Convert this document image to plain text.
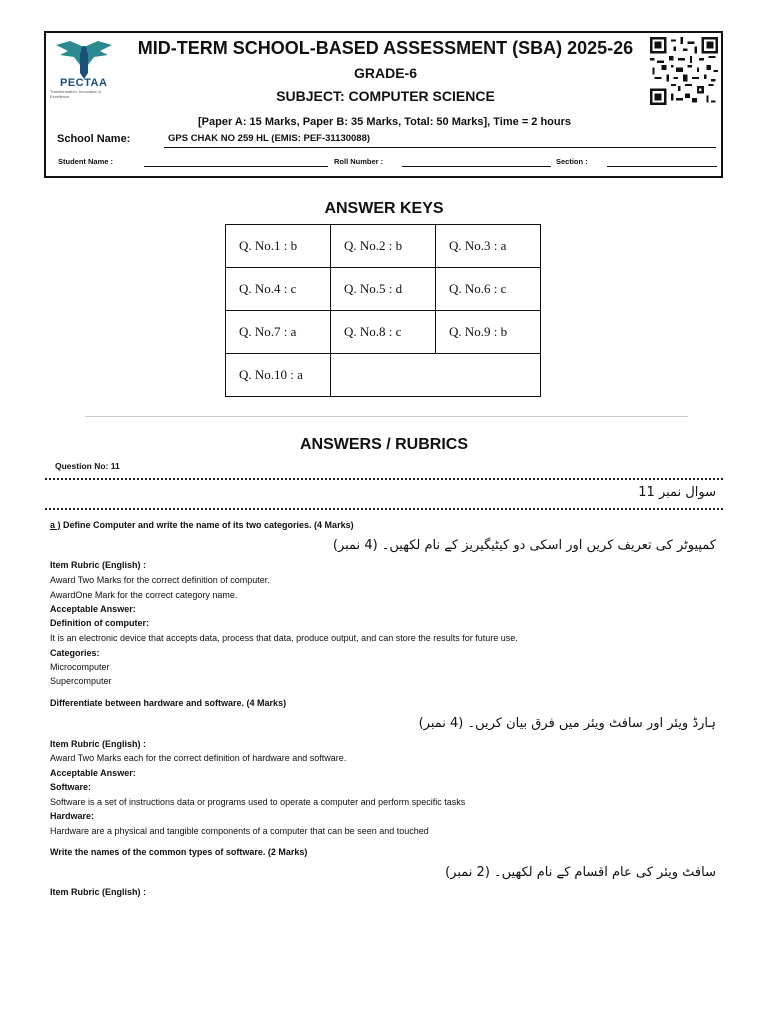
PECTAA
Transformation, Innovation & Excellence
MID-TERM SCHOOL-BASED ASSESSMENT (SBA) 2025-26
GRADE-6
SUBJECT: COMPUTER SCIENCE
[Paper A: 15 Marks, Paper B: 35 Marks, Total: 50 Marks], Time = 2 hours
School Name:	GPS CHAK NO 259 HL (EMIS: PEF-31130088)
Student Name :	Roll Number :	Section :
ANSWER KEYS
Q. No.1 : b	Q. No.2 : b	Q. No.3 : a
Q. No.4 : c	Q. No.5 : d	Q. No.6 : c
Q. No.7 : a	Q. No.8 : c	Q. No.9 : b
Q. No.10 : a		
ANSWERS / RUBRICS
Question No: 11
سوال نمبر 11
a ) Define Computer and write the name of its two categories. (4 Marks)
کمپیوٹر کی تعریف کریں اور اسکی دو کیٹیگیریز کے نام لکھیں۔ (4 نمبر)
Item Rubric (English) :
Award Two Marks for the correct definition of computer.
AwardOne Mark for the correct category name.
Acceptable Answer:
Definition of computer:
It is an electronic device that accepts data, process that data, produce output, and can store the results for future use.
Categories:
Microcomputer
Supercomputer
Differentiate between hardware and software. (4 Marks)
ہارڈ ویئر اور سافٹ ویئر میں فرق بیان کریں۔ (4 نمبر)
Item Rubric (English) :
Award Two Marks each for the correct definition of hardware and software.
Acceptable Answer:
Software:
Software is a set of instructions data or programs used to operate a computer and perform specific tasks
Hardware:
Hardware are a physical and tangible components of a computer that can be seen and touched
Write the names of the common types of software. (2 Marks)
سافٹ ویئر کی عام اقسام کے نام لکھیں۔ (2 نمبر)
Item Rubric (English) :
